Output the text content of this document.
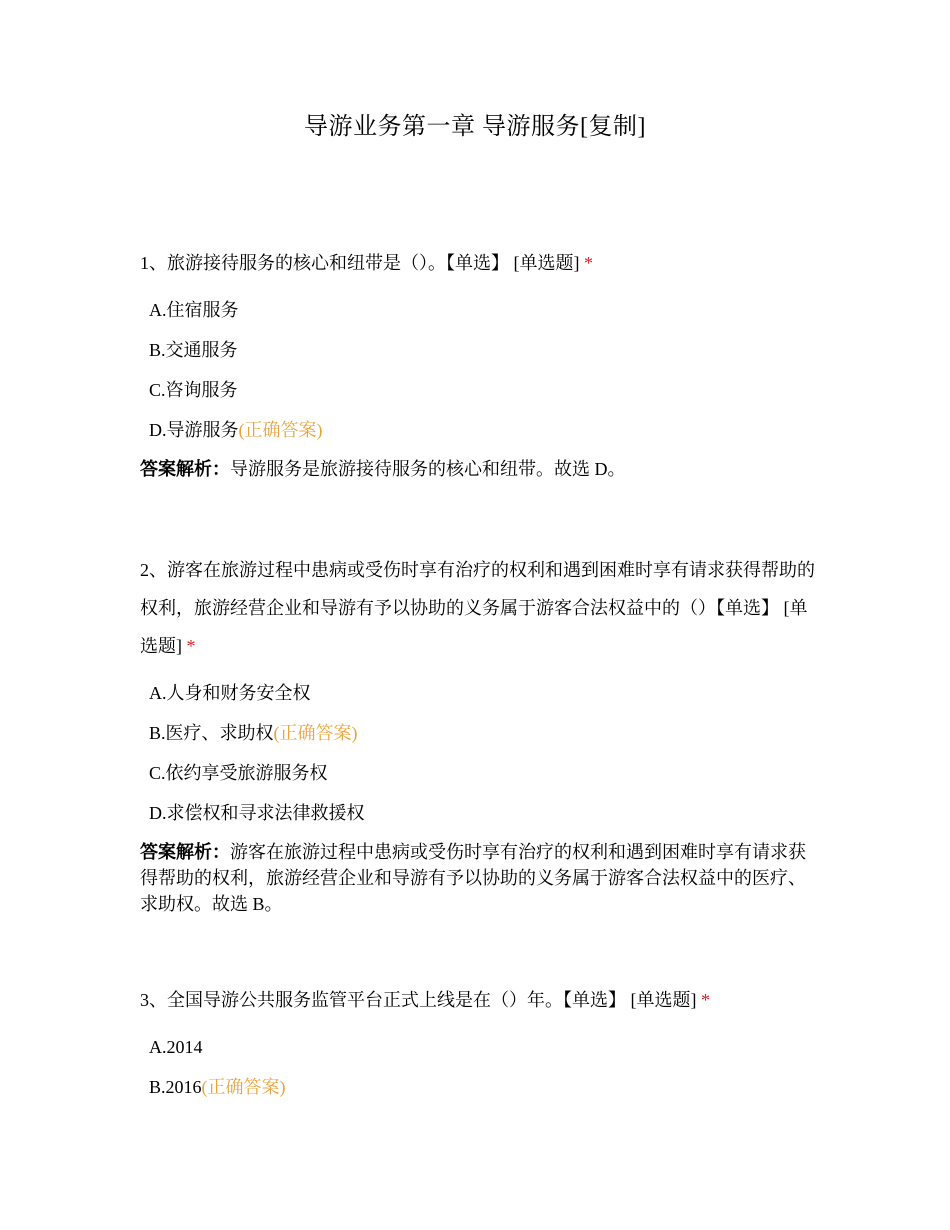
导游业务第一章 导游服务[复制]

1、旅游接待服务的核心和纽带是（）。【单选】 [单选题] *

A.住宿服务
B.交通服务
C.咨询服务
D.导游服务(正确答案)
答案解析：导游服务是旅游接待服务的核心和纽带。故选 D。

2、游客在旅游过程中患病或受伤时享有治疗的权利和遇到困难时享有请求获得帮助的权利，旅游经营企业和导游有予以协助的义务属于游客合法权益中的（）【单选】 [单选题] *

A.人身和财务安全权
B.医疗、求助权(正确答案)
C.依约享受旅游服务权
D.求偿权和寻求法律救援权
答案解析：游客在旅游过程中患病或受伤时享有治疗的权利和遇到困难时享有请求获得帮助的权利，旅游经营企业和导游有予以协助的义务属于游客合法权益中的医疗、求助权。故选 B。

3、全国导游公共服务监管平台正式上线是在（）年。【单选】 [单选题] *

A.2014
B.2016(正确答案)
